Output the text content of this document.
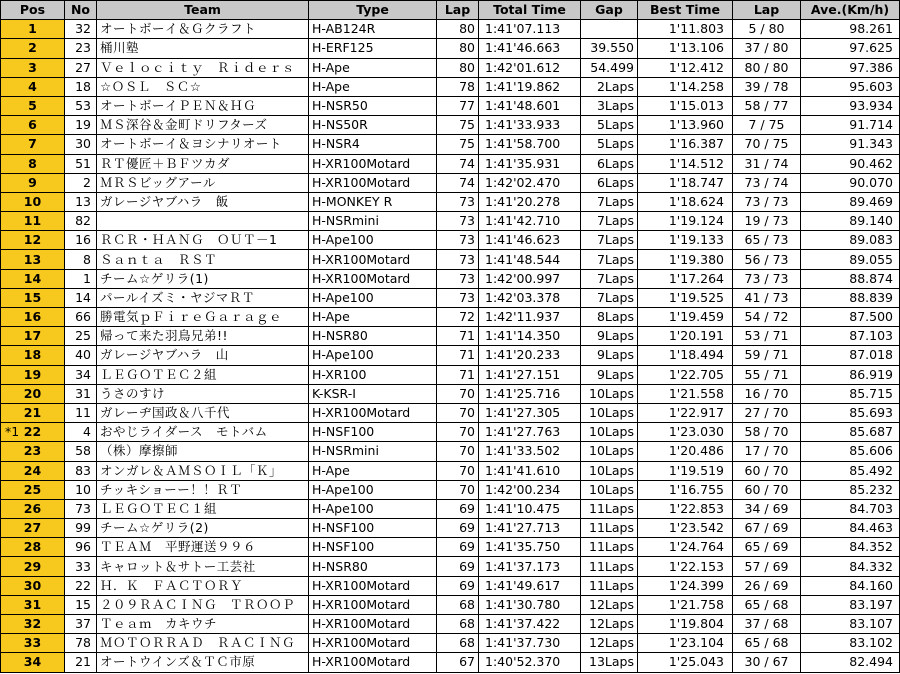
Pos	No	Team	Type	Lap	Total Time	Gap	Best Time	Lap	Ave.(Km/h)
1	32	オートボーイ＆Ｇクラフト	H-AB124R	80	1:41'07.113		1'11.803	5 / 80	98.261
2	23	桶川塾	H-ERF125	80	1:41'46.663	39.550	1'13.106	37 / 80	97.625
3	27	Ｖｅｌｏｃｉｔｙ　Ｒｉｄｅｒｓ	H-Ape	80	1:42'01.612	54.499	1'12.412	80 / 80	97.386
4	18	☆ＯＳＬ　ＳＣ☆	H-Ape	78	1:41'19.862	2Laps	1'14.258	39 / 78	95.603
5	53	オートボーイＰＥＮ＆ＨＧ	H-NSR50	77	1:41'48.601	3Laps	1'15.013	58 / 77	93.934
6	19	ＭＳ深谷＆金町ドリフターズ	H-NS50R	75	1:41'33.933	5Laps	1'13.960	7 / 75	91.714
7	30	オートボーイ＆ヨシナリオート	H-NSR4	75	1:41'58.700	5Laps	1'16.387	70 / 75	91.343
8	51	ＲＴ優匠＋ＢＦツカダ	H-XR100Motard	74	1:41'35.931	6Laps	1'14.512	31 / 74	90.462
9	2	ＭＲＳビッグアール	H-XR100Motard	74	1:42'02.470	6Laps	1'18.747	73 / 74	90.070
10	13	ガレージヤブハラ　飯	H-MONKEY R	73	1:41'20.278	7Laps	1'18.624	73 / 73	89.469
11	82		H-NSRmini	73	1:41'42.710	7Laps	1'19.124	19 / 73	89.140
12	16	ＲＣＲ・ＨＡＮＧ　ＯＵＴ－1	H-Ape100	73	1:41'46.623	7Laps	1'19.133	65 / 73	89.083
13	8	Ｓａｎｔａ　ＲＳＴ	H-XR100Motard	73	1:41'48.544	7Laps	1'19.380	56 / 73	89.055
14	1	チーム☆ゲリラ(1)	H-XR100Motard	73	1:42'00.997	7Laps	1'17.264	73 / 73	88.874
15	14	パールイズミ・ヤジマＲＴ	H-Ape100	73	1:42'03.378	7Laps	1'19.525	41 / 73	88.839
16	66	勝電気ｐＦｉｒｅＧａｒａｇｅ	H-Ape	72	1:42'11.937	8Laps	1'19.459	54 / 72	87.500
17	25	帰って来た羽鳥兄弟!!	H-NSR80	71	1:41'14.350	9Laps	1'20.191	53 / 71	87.103
18	40	ガレージヤブハラ　山	H-Ape100	71	1:41'20.233	9Laps	1'18.494	59 / 71	87.018
19	34	ＬＥＧＯＴＥＣ２組	H-XR100	71	1:41'27.151	9Laps	1'22.705	55 / 71	86.919
20	31	うさのすけ	K-KSR-Ⅰ	70	1:41'25.716	10Laps	1'21.558	16 / 70	85.715
21	11	ガレーヂ国政＆八千代	H-XR100Motard	70	1:41'27.305	10Laps	1'22.917	27 / 70	85.693

*1 22	4	おやじライダース　モトバム	H-NSF100	70	1:41'27.763	10Laps	1'23.030	58 / 70	85.687
23	58	（株）摩擦師	H-NSRmini	70	1:41'33.502	10Laps	1'20.486	17 / 70	85.606
24	83	オンガレ＆ＡＭＳＯＩＬ「Ｋ」	H-Ape	70	1:41'41.610	10Laps	1'19.519	60 / 70	85.492
25	10	チッキショーー！！ＲＴ	H-Ape100	70	1:42'00.234	10Laps	1'16.755	60 / 70	85.232
26	73	ＬＥＧＯＴＥＣ１組	H-Ape100	69	1:41'10.475	11Laps	1'22.853	34 / 69	84.703
27	99	チーム☆ゲリラ(2)	H-NSF100	69	1:41'27.713	11Laps	1'23.542	67 / 69	84.463
28	96	ＴＥＡＭ　平野運送９９６	H-NSF100	69	1:41'35.750	11Laps	1'24.764	65 / 69	84.352
29	33	キャロット＆サトー工芸社	H-NSR80	69	1:41'37.173	11Laps	1'22.153	57 / 69	84.332
30	22	Ｈ．Ｋ　ＦＡＣＴＯＲＹ	H-XR100Motard	69	1:41'49.617	11Laps	1'24.399	26 / 69	84.160
31	15	２０９ＲＡＣＩＮＧ　ＴＲＯＯＰ	H-XR100Motard	68	1:41'30.780	12Laps	1'21.758	65 / 68	83.197
32	37	Ｔｅａｍ　カキウチ	H-XR100Motard	68	1:41'37.422	12Laps	1'19.804	37 / 68	83.107
33	78	ＭＯＴＯＲＲＡＤ　ＲＡＣＩＮＧ	H-XR100Motard	68	1:41'37.730	12Laps	1'23.104	65 / 68	83.102
34	21	オートウインズ＆ＴＣ市原	H-XR100Motard	67	1:40'52.370	13Laps	1'25.043	30 / 67	82.494
